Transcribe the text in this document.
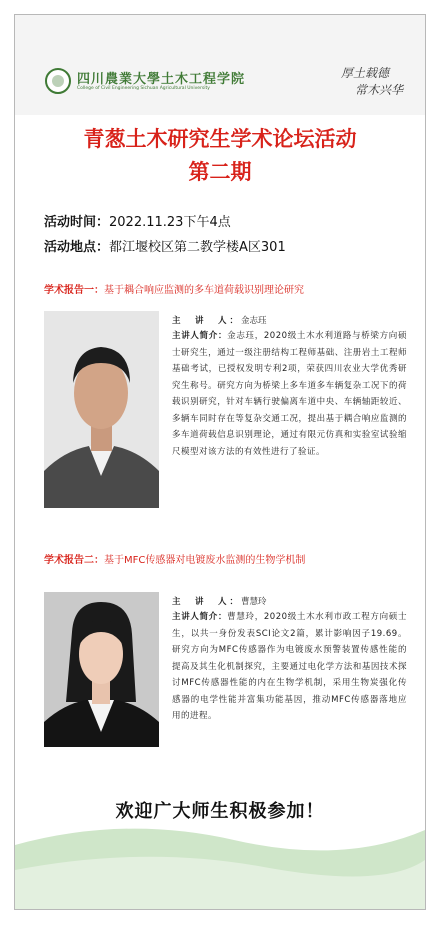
四川農業大學土木工程学院
College of Civil Engineering Sichuan Agricultural University
厚土载德
常木兴华
青葱土木研究生学术论坛活动
第二期
活动时间：2022.11.23下午4点
活动地点：都江堰校区第二教学楼A区301
学术报告一：基于耦合响应监测的多车道荷载识别理论研究
主　讲　人：金志珏
主讲人简介：金志珏，2020级土木水利道路与桥梁方向硕士研究生，通过一级注册结构工程师基础、注册岩土工程师基础考试，已授权发明专利2项，荣获四川农业大学优秀研究生称号。研究方向为桥梁上多车道多车辆复杂工况下的荷载识别研究，针对车辆行驶偏离车道中央、车辆轴距较近、多辆车同时存在等复杂交通工况，提出基于耦合响应监测的多车道荷载信息识别理论，通过有限元仿真和实验室试验缩尺模型对该方法的有效性进行了验证。
学术报告二：基于MFC传感器对电镀废水监测的生物学机制
主　讲　人：曹慧玲
主讲人简介：曹慧玲，2020级土木水利市政工程方向硕士生，以共一身份发表SCI论文2篇，累计影响因子19.69。研究方向为MFC传感器作为电镀废水预警装置传感性能的提高及其生化机制探究，主要通过电化学方法和基因技术探讨MFC传感器性能的内在生物学机制，采用生物炭强化传感器的电学性能并富集功能基因，推动MFC传感器落地应用的进程。
欢迎广大师生积极参加！
